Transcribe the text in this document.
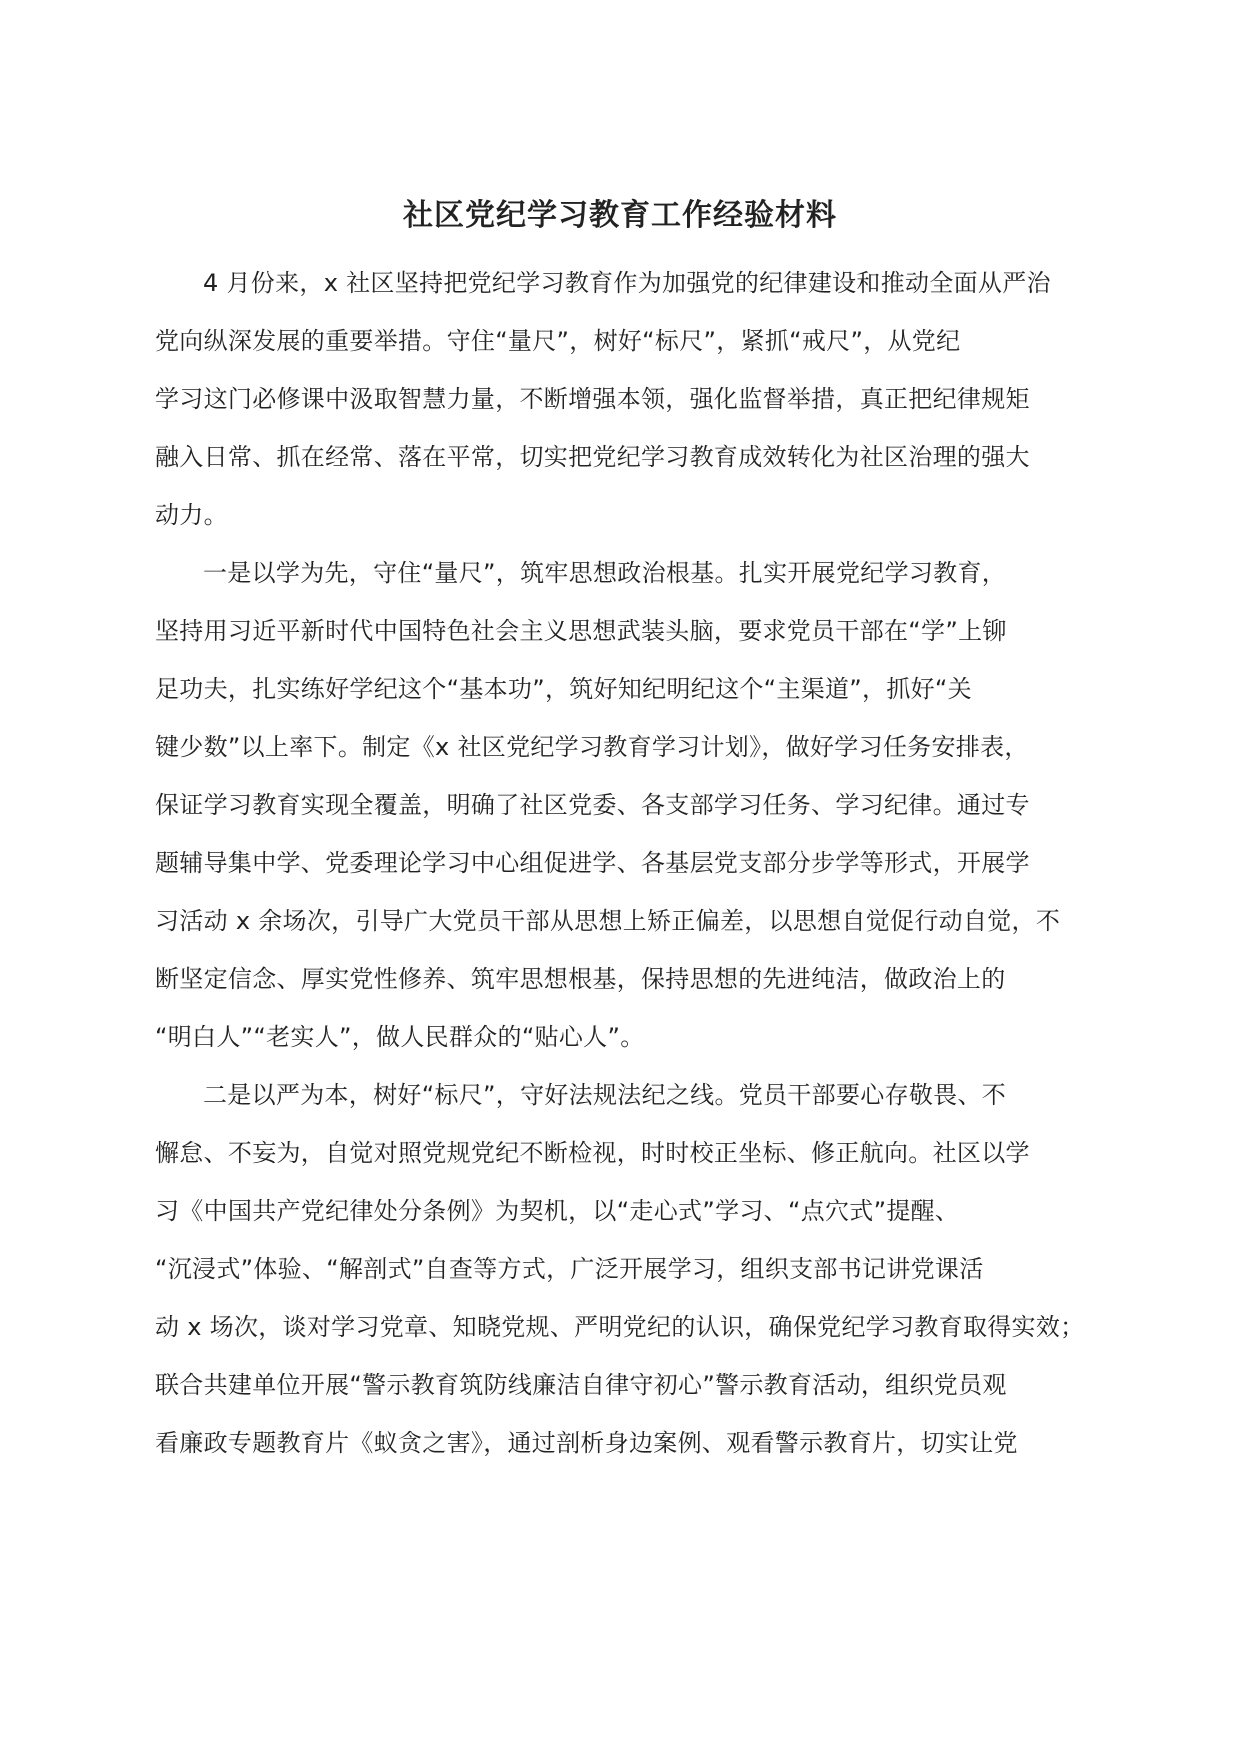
社区党纪学习教育工作经验材料
4 月份来，x 社区坚持把党纪学习教育作为加强党的纪律建设和推动全面从严治
党向纵深发展的重要举措。守住“量尺”，树好“标尺”，紧抓“戒尺”，从党纪
学习这门必修课中汲取智慧力量，不断增强本领，强化监督举措，真正把纪律规矩
融入日常、抓在经常、落在平常，切实把党纪学习教育成效转化为社区治理的强大
动力。
一是以学为先，守住“量尺”，筑牢思想政治根基。扎实开展党纪学习教育，
坚持用习近平新时代中国特色社会主义思想武装头脑，要求党员干部在“学”上铆
足功夫，扎实练好学纪这个“基本功”，筑好知纪明纪这个“主渠道”，抓好“关
键少数”以上率下。制定《x 社区党纪学习教育学习计划》，做好学习任务安排表，
保证学习教育实现全覆盖，明确了社区党委、各支部学习任务、学习纪律。通过专
题辅导集中学、党委理论学习中心组促进学、各基层党支部分步学等形式，开展学
习活动 x 余场次，引导广大党员干部从思想上矫正偏差，以思想自觉促行动自觉，不
断坚定信念、厚实党性修养、筑牢思想根基，保持思想的先进纯洁，做政治上的
“明白人”“老实人”，做人民群众的“贴心人”。
二是以严为本，树好“标尺”，守好法规法纪之线。党员干部要心存敬畏、不
懈怠、不妄为，自觉对照党规党纪不断检视，时时校正坐标、修正航向。社区以学
习《中国共产党纪律处分条例》为契机，以“走心式”学习、“点穴式”提醒、
“沉浸式”体验、“解剖式”自查等方式，广泛开展学习，组织支部书记讲党课活
动 x 场次，谈对学习党章、知晓党规、严明党纪的认识，确保党纪学习教育取得实效；
联合共建单位开展“警示教育筑防线廉洁自律守初心”警示教育活动，组织党员观
看廉政专题教育片《蚁贪之害》，通过剖析身边案例、观看警示教育片，切实让党
